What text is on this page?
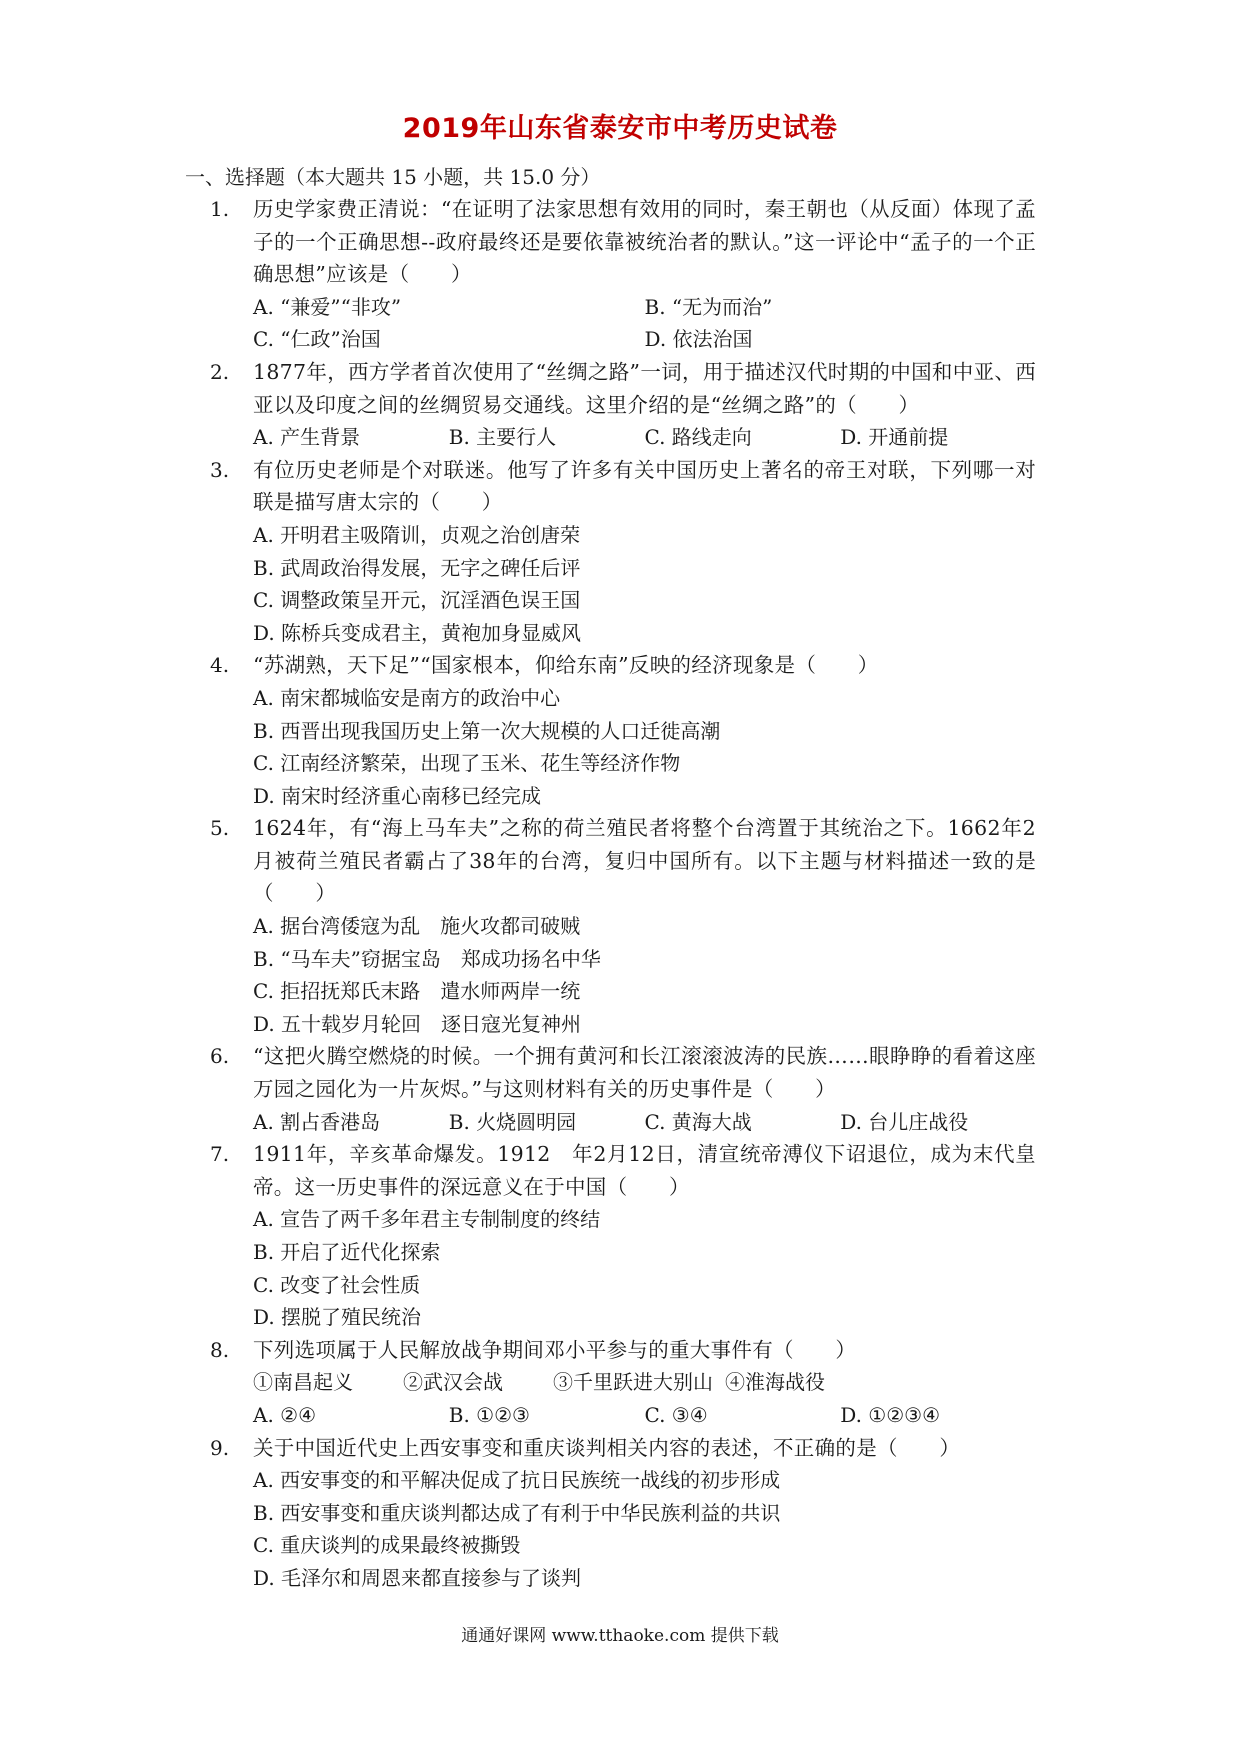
2019年山东省泰安市中考历史试卷
一、选择题（本大题共 15 小题，共 15.0 分）
1.	历史学家费正清说：“在证明了法家思想有效用的同时，秦王朝也（从反面）体现了孟子的一个正确思想--政府最终还是要依靠被统治者的默认。”这一评论中“孟子的一个正确思想”应该是（　　）
A. “兼爱”“非攻”	B. “无为而治”
C. “仁政”治国	D. 依法治国
2.	1877年，西方学者首次使用了“丝绸之路”一词，用于描述汉代时期的中国和中亚、西亚以及印度之间的丝绸贸易交通线。这里介绍的是“丝绸之路”的（　　）
A. 产生背景	B. 主要行人	C. 路线走向	D. 开通前提
3.	有位历史老师是个对联迷。他写了许多有关中国历史上著名的帝王对联，下列哪一对联是描写唐太宗的（　　）
A. 开明君主吸隋训，贞观之治创唐荣
B. 武周政治得发展，无字之碑任后评
C. 调整政策呈开元，沉淫酒色误王国
D. 陈桥兵变成君主，黄袍加身显威风
4.	“苏湖熟，天下足”“国家根本，仰给东南”反映的经济现象是（　　）
A. 南宋都城临安是南方的政治中心
B. 西晋出现我国历史上第一次大规模的人口迁徙高潮
C. 江南经济繁荣，出现了玉米、花生等经济作物
D. 南宋时经济重心南移已经完成
5.	1624年，有“海上马车夫”之称的荷兰殖民者将整个台湾置于其统治之下。1662年2月被荷兰殖民者霸占了38年的台湾，复归中国所有。以下主题与材料描述一致的是（　　）
A. 据台湾倭寇为乱　施火攻都司破贼
B. “马车夫”窃据宝岛　郑成功扬名中华
C. 拒招抚郑氏末路　遣水师两岸一统
D. 五十载岁月轮回　逐日寇光复神州
6.	“这把火腾空燃烧的时候。一个拥有黄河和长江滚滚波涛的民族……眼睁睁的看着这座万园之园化为一片灰烬。”与这则材料有关的历史事件是（　　）
A. 割占香港岛	B. 火烧圆明园	C. 黄海大战	D. 台儿庄战役
7.	1911年，辛亥革命爆发。1912　年2月12日，清宣统帝溥仪下诏退位，成为末代皇帝。这一历史事件的深远意义在于中国（　　）
A. 宣告了两千多年君主专制制度的终结
B. 开启了近代化探索
C. 改变了社会性质
D. 摆脱了殖民统治
8.	下列选项属于人民解放战争期间邓小平参与的重大事件有（　　）
①南昌起义	②武汉会战	③千里跃进大别山 ④淮海战役
A. ②④	B. ①②③	C. ③④	D. ①②③④
9.	关于中国近代史上西安事变和重庆谈判相关内容的表述，不正确的是（　　）
A. 西安事变的和平解决促成了抗日民族统一战线的初步形成
B. 西安事变和重庆谈判都达成了有利于中华民族利益的共识
C. 重庆谈判的成果最终被撕毁
D. 毛泽尔和周恩来都直接参与了谈判
通通好课网 www.tthaoke.com 提供下载
